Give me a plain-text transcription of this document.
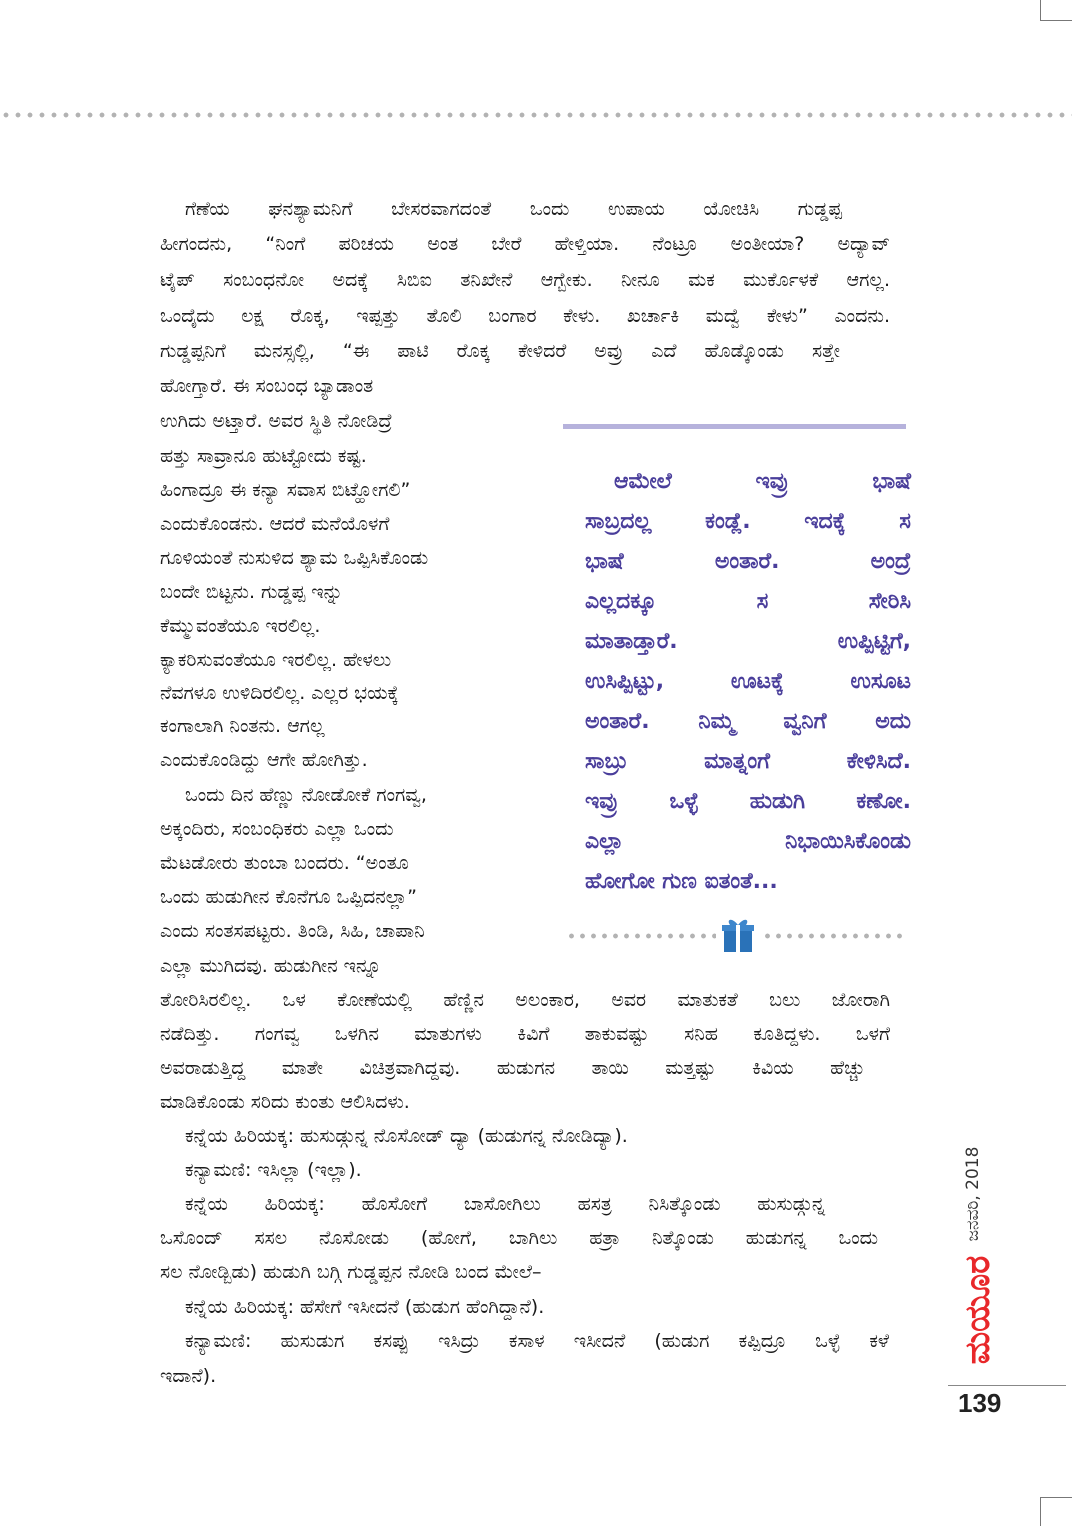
ಗೆಣೆಯ ಘನಶ್ಯಾಮನಿಗೆ ಬೇಸರವಾಗದಂತೆ ಒಂದು ಉಪಾಯ ಯೋಚಿಸಿ ಗುಡ್ಡಪ್ಪ
ಹೀಗಂದನು, “ನಿಂಗೆ ಪರಿಚಯ ಅಂತ ಬೇರೆ ಹೇಳ್ತಿಯಾ. ನೆಂಟ್ರೂ ಅಂತೀಯಾ? ಅದ್ಯಾವ್
ಟೈಪ್ ಸಂಬಂಧನೋ ಅದಕ್ಕೆ ಸಿಬಿಐ ತನಿಖೇನೆ ಆಗ್ಬೇಕು. ನೀನೂ ಮಕ ಮುರ್ಕೊಳಕೆ ಆಗಲ್ಲ.
ಒಂದೈದು ಲಕ್ಷ ರೊಕ್ಕ, ಇಪ್ಪತ್ತು ತೊಲಿ ಬಂಗಾರ ಕೇಳು. ಖರ್ಚಾಕಿ ಮದ್ವೆ ಕೇಳು” ಎಂದನು.
ಗುಡ್ಡಪ್ಪನಿಗೆ ಮನಸ್ಸಲ್ಲಿ, “ಈ ಪಾಟಿ ರೊಕ್ಕ ಕೇಳಿದರೆ ಅವ್ರು ಎದೆ ಹೊಡ್ಕೊಂಡು ಸತ್ತೇ
ಹೋಗ್ತಾರೆ. ಈ ಸಂಬಂಧ ಬ್ಯಾಡಾಂತ
ಉಗಿದು ಅಟ್ತಾರೆ. ಅವರ ಸ್ಥಿತಿ ನೋಡಿದ್ರೆ
ಹತ್ತು ಸಾವ್ರಾನೂ ಹುಟ್ಟೋದು ಕಷ್ಟ.
ಹಿಂಗಾದ್ರೂ ಈ ಕನ್ಯಾ ಸವಾಸ ಬಿಟ್ಹೋಗಲಿ”
ಎಂದುಕೊಂಡನು. ಆದರೆ ಮನೆಯೊಳಗೆ
ಗೂಳಿಯಂತೆ ನುಸುಳಿದ ಶ್ಯಾಮ ಒಪ್ಪಿಸಿಕೊಂಡು
ಬಂದೇ ಬಿಟ್ಟನು. ಗುಡ್ಡಪ್ಪ ಇನ್ನು
ಕೆಮ್ಮುವಂತೆಯೂ ಇರಲಿಲ್ಲ.
ಕ್ಯಾಕರಿಸುವಂತೆಯೂ ಇರಲಿಲ್ಲ. ಹೇಳಲು
ನೆವಗಳೂ ಉಳಿದಿರಲಿಲ್ಲ. ಎಲ್ಲರ ಭಯಕ್ಕೆ
ಕಂಗಾಲಾಗಿ ನಿಂತನು. ಆಗಲ್ಲ
ಎಂದುಕೊಂಡಿದ್ದು ಆಗೇ ಹೋಗಿತ್ತು.
ಒಂದು ದಿನ ಹೆಣ್ಣು ನೋಡೋಕೆ ಗಂಗವ್ವ,
ಅಕ್ಕಂದಿರು, ಸಂಬಂಧಿಕರು ಎಲ್ಲಾ ಒಂದು
ಮೆಟಡೋರು ತುಂಬಾ ಬಂದರು. “ಅಂತೂ
ಒಂದು ಹುಡುಗೀನ ಕೊನೆಗೂ ಒಪ್ಪಿದನಲ್ಲಾ”
ಎಂದು ಸಂತಸಪಟ್ಟರು. ತಿಂಡಿ, ಸಿಹಿ, ಚಾಪಾನಿ
ಎಲ್ಲಾ ಮುಗಿದವು. ಹುಡುಗೀನ ಇನ್ನೂ
ತೋರಿಸಿರಲಿಲ್ಲ. ಒಳ ಕೋಣೆಯಲ್ಲಿ ಹೆಣ್ಣಿನ ಅಲಂಕಾರ, ಅವರ ಮಾತುಕತೆ ಬಲು ಜೋರಾಗಿ
ನಡೆದಿತ್ತು. ಗಂಗವ್ವ ಒಳಗಿನ ಮಾತುಗಳು ಕಿವಿಗೆ ತಾಕುವಷ್ಟು ಸನಿಹ ಕೂತಿದ್ದಳು. ಒಳಗೆ
ಅವರಾಡುತ್ತಿದ್ದ ಮಾತೇ ವಿಚಿತ್ರವಾಗಿದ್ದವು. ಹುಡುಗನ ತಾಯಿ ಮತ್ತಷ್ಟು ಕಿವಿಯ ಹೆಚ್ಚು
ಮಾಡಿಕೊಂಡು ಸರಿದು ಕುಂತು ಆಲಿಸಿದಳು.
ಕನ್ನೆಯ ಹಿರಿಯಕ್ಕ: ಹುಸುಡ್ಗುನ್ನ ನೊಸೋಡ್ ದ್ಯಾ (ಹುಡುಗನ್ನ ನೋಡಿದ್ಯಾ).
ಕನ್ಯಾಮಣಿ: ಇಸಿಲ್ಲಾ (ಇಲ್ಲಾ).
ಕನ್ನೆಯ ಹಿರಿಯಕ್ಕ: ಹೊಸೋಗೆ ಬಾಸೋಗಿಲು ಹಸತ್ರ ನಿಸಿತ್ಕೊಂಡು ಹುಸುಡ್ಗುನ್ನ
ಒಸೊಂದ್ ಸಸಲ ನೊಸೋಡು (ಹೋಗೆ, ಬಾಗಿಲು ಹತ್ರಾ ನಿತ್ಕೊಂಡು ಹುಡುಗನ್ನ ಒಂದು
ಸಲ ನೋಡ್ಬಿಡು) ಹುಡುಗಿ ಬಗ್ಗಿ ಗುಡ್ಡಪ್ಪನ ನೋಡಿ ಬಂದ ಮೇಲೆ–
ಕನ್ನೆಯ ಹಿರಿಯಕ್ಕ: ಹೆಸೇಗೆ ಇಸೀದನೆ (ಹುಡುಗ ಹೆಂಗಿದ್ದಾನೆ).
ಕನ್ಯಾಮಣಿ: ಹುಸುಡುಗ ಕಸಪ್ಪು ಇಸಿದ್ರು ಕಸಾಳ ಇಸೀದನೆ (ಹುಡುಗ ಕಪ್ಪಿದ್ರೂ ಒಳ್ಳೆ ಕಳೆ
ಇದಾನೆ).
ಆಮೇಲೆ ಇವ್ರು ಭಾಷೆ
ಸಾಬ್ರದಲ್ಲ ಕಂಡ್ಲೆ. ಇದಕ್ಕೆ ಸ
ಭಾಷೆ ಅಂತಾರೆ. ಅಂದ್ರೆ
ಎಲ್ಲದಕ್ಕೂ ಸ ಸೇರಿಸಿ
ಮಾತಾಡ್ತಾರೆ. ಉಪ್ಪಿಟ್ಟಿಗೆ,
ಉಸಿಪ್ಪಿಟ್ಟು, ಊಟಕ್ಕೆ ಉಸೂಟ
ಅಂತಾರೆ. ನಿಮ್ಮ ವ್ವನಿಗೆ ಅದು
ಸಾಬ್ರು ಮಾತ್ನಂಗೆ ಕೇಳಿಸಿದೆ.
ಇವ್ರು ಒಳ್ಳೆ ಹುಡುಗಿ ಕಣೋ.
ಎಲ್ಲಾ ನಿಭಾಯಿಸಿಕೊಂಡು
ಹೋಗೋ ಗುಣ ಐತಂತೆ...
ಜನವರಿ, 2018
ಮಯೂರ
139
